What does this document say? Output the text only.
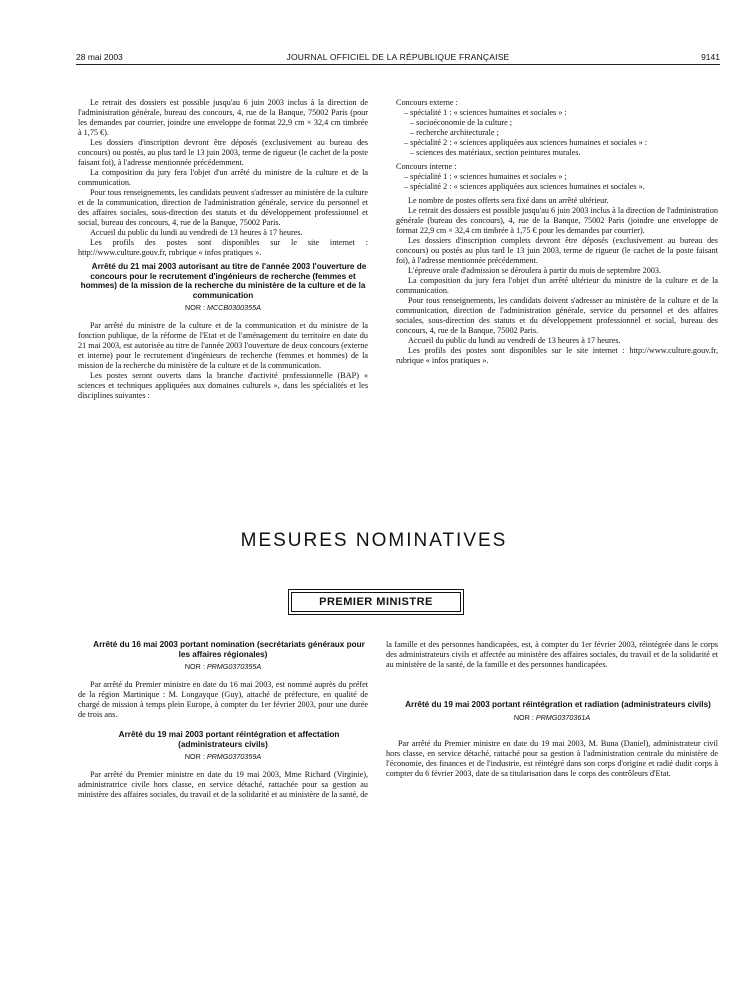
28 mai 2003	JOURNAL OFFICIEL DE LA RÉPUBLIQUE FRANÇAISE	9141

Le retrait des dossiers est possible jusqu'au 6 juin 2003 inclus à la direction de l'administration générale, bureau des concours, 4, rue de la Banque, 75002 Paris (pour les demandes par courrier, joindre une enveloppe de format 22,9 cm × 32,4 cm timbrée à 1,75 €).

Les dossiers d'inscription devront être déposés (exclusivement au bureau des concours) ou postés, au plus tard le 13 juin 2003, terme de rigueur (le cachet de la poste faisant foi), à l'adresse mentionnée précédemment.

La composition du jury fera l'objet d'un arrêté du ministre de la culture et de la communication.

Pour tous renseignements, les candidats peuvent s'adresser au ministère de la culture et de la communication, direction de l'administration générale, service du personnel et des affaires sociales, sous-direction des statuts et du développement professionnel et social, bureau des concours, 4, rue de la Banque, 75002 Paris.

Accueil du public du lundi au vendredi de 13 heures à 17 heures.

Les profils des postes sont disponibles sur le site internet : http://www.culture.gouv.fr, rubrique « infos pratiques ».

Arrêté du 21 mai 2003 autorisant au titre de l'année 2003 l'ouverture de concours pour le recrutement d'ingénieurs de recherche (femmes et hommes) de la mission de la recherche du ministère de la culture et de la communication

NOR : MCCB0300355A

Par arrêté du ministre de la culture et de la communication et du ministre de la fonction publique, de la réforme de l'Etat et de l'aménagement du territoire en date du 21 mai 2003, est autorisée au titre de l'année 2003 l'ouverture de deux concours (externe et interne) pour le recrutement d'ingénieurs de recherche (femmes et hommes) de la mission de la recherche du ministère de la culture et de la communication.

Les postes seront ouverts dans la branche d'activité professionnelle (BAP) « sciences et techniques appliquées aux domaines culturels », dans les spécialités et les disciplines suivantes :

Concours externe :

– spécialité 1 : « sciences humaines et sociales » :

– socioéconomie de la culture ;

– recherche architecturale ;

– spécialité 2 : « sciences appliquées aux sciences humaines et sociales » :

– sciences des matériaux, section peintures murales.

Concours interne :

– spécialité 1 : « sciences humaines et sociales » ;

– spécialité 2 : « sciences appliquées aux sciences humaines et sociales ».

Le nombre de postes offerts sera fixé dans un arrêté ultérieur.

Le retrait des dossiers est possible jusqu'au 6 juin 2003 inclus à la direction de l'administration générale (bureau des concours), 4, rue de la Banque, 75002 Paris (joindre une enveloppe de format 22,9 cm × 32,4 cm timbrée à 1,75 € pour les demandes par courrier).

Les dossiers d'inscription complets devront être déposés (exclusivement au bureau des concours) ou postés au plus tard le 13 juin 2003, terme de rigueur (le cachet de la poste faisant foi), à l'adresse mentionnée précédemment.

L'épreuve orale d'admission se déroulera à partir du mois de septembre 2003.

La composition du jury fera l'objet d'un arrêté ultérieur du ministre de la culture et de la communication.

Pour tous renseignements, les candidats doivent s'adresser au ministère de la culture et de la communication, direction de l'administration générale, service du personnel et des affaires sociales, sous-direction des statuts et du développement professionnel et social, bureau des concours, 4, rue de la Banque, 75002 Paris.

Accueil du public du lundi au vendredi de 13 heures à 17 heures.

Les profils des postes sont disponibles sur le site internet : http://www.culture.gouv.fr, rubrique « infos pratiques ».

MESURES NOMINATIVES
PREMIER MINISTRE

Arrêté du 16 mai 2003 portant nomination (secrétariats généraux pour les affaires régionales)

NOR : PRMG0370355A

Par arrêté du Premier ministre en date du 16 mai 2003, est nommé auprès du préfet de la région Martinique : M. Longayque (Guy), attaché de préfecture, en qualité de chargé de mission à temps plein Europe, à compter du 1er février 2003, pour une durée de trois ans.

Arrêté du 19 mai 2003 portant réintégration et affectation (administrateurs civils)

NOR : PRMG0370359A

Par arrêté du Premier ministre en date du 19 mai 2003, Mme Richard (Virginie), administratrice civile hors classe, en service détaché, rattachée pour sa gestion au ministère des affaires sociales, du travail et de la solidarité et au ministère de la santé, de

la famille et des personnes handicapées, est, à compter du 1er février 2003, réintégrée dans le corps des administrateurs civils et affectée au ministère des affaires sociales, du travail et de la solidarité et au ministère de la santé, de la famille et des personnes handicapées.

Arrêté du 19 mai 2003 portant réintégration et radiation (administrateurs civils)

NOR : PRMG0370361A

Par arrêté du Premier ministre en date du 19 mai 2003, M. Buna (Daniel), administrateur civil hors classe, en service détaché, rattaché pour sa gestion à l'administration centrale du ministère de l'économie, des finances et de l'industrie, est réintégré dans son corps d'origine et radié dudit corps à compter du 6 février 2003, date de sa titularisation dans le corps des contrôleurs d'Etat.
